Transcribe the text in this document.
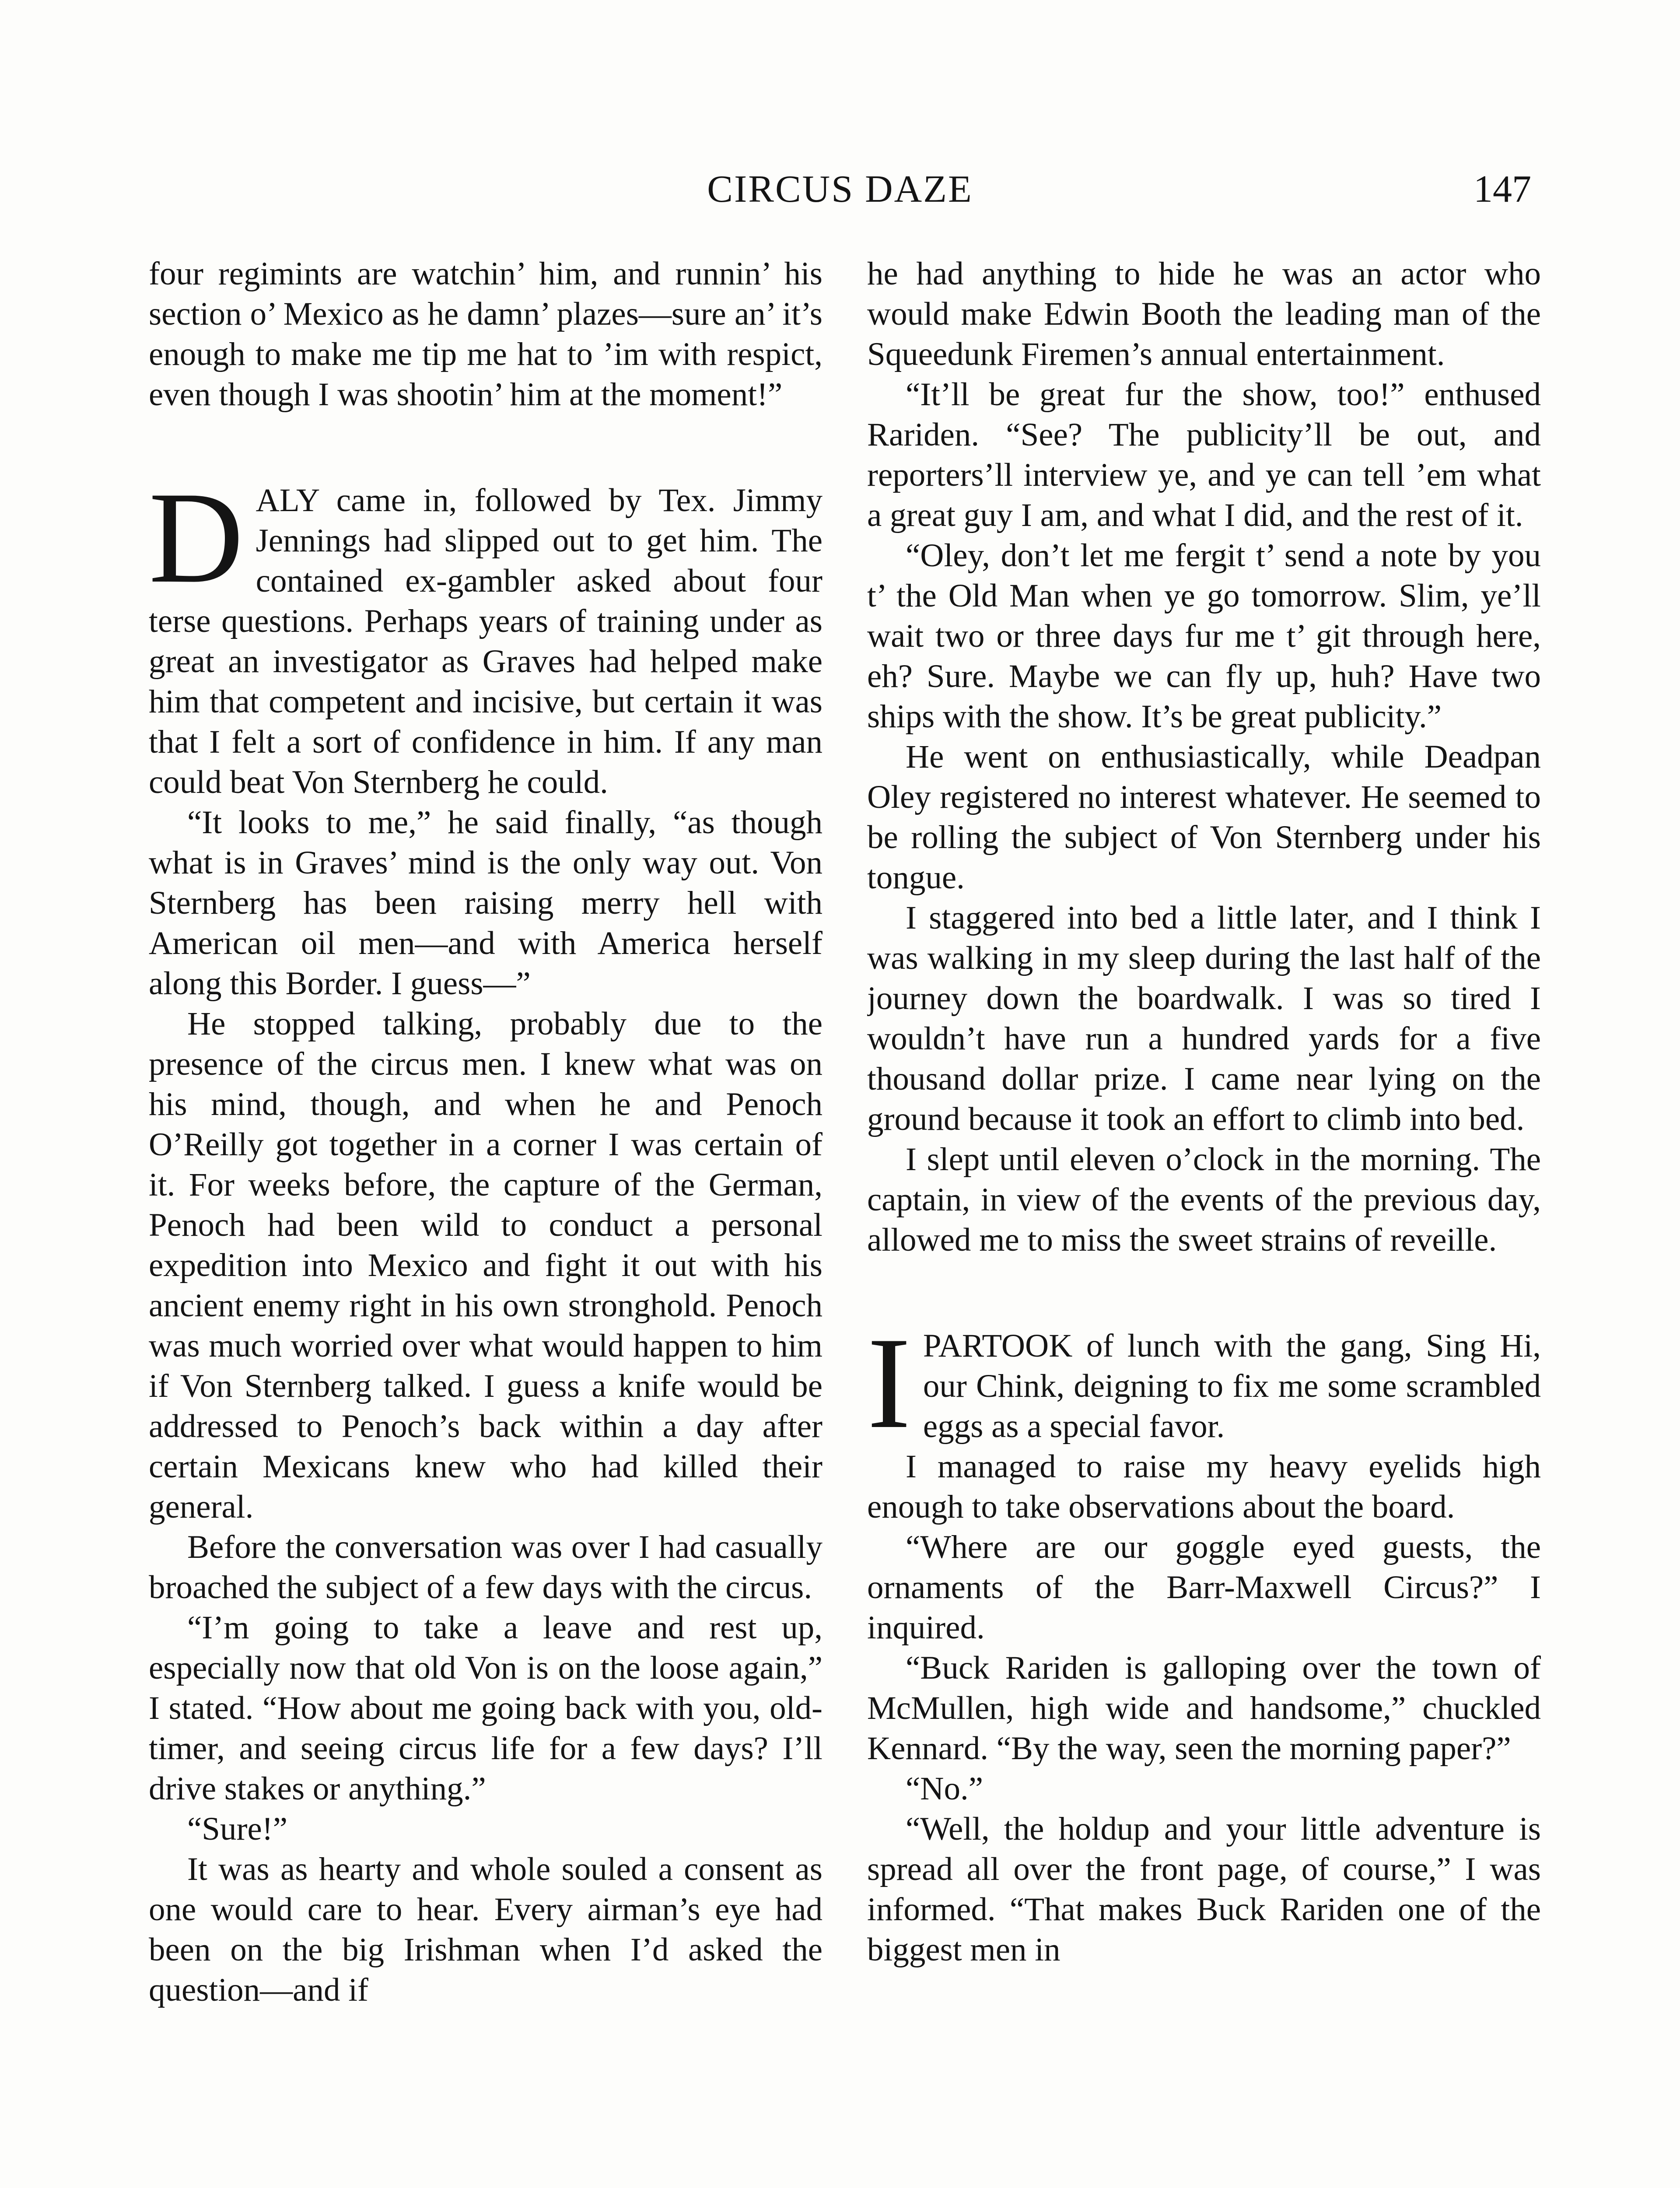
CIRCUS DAZE	147

four regimints are watchin’ him, and runnin’ his section o’ Mexico as he damn’ plazes—sure an’ it’s enough to make me tip me hat to ’im with respict, even though I was shootin’ him at the moment!”

DALY came in, followed by Tex. Jimmy Jennings had slipped out to get him. The contained ex-gambler asked about four terse questions. Perhaps years of training under as great an investigator as Graves had helped make him that competent and incisive, but certain it was that I felt a sort of confidence in him. If any man could beat Von Sternberg he could.

“It looks to me,” he said finally, “as though what is in Graves’ mind is the only way out. Von Sternberg has been raising merry hell with American oil men—and with America herself along this Border. I guess—”

He stopped talking, probably due to the presence of the circus men. I knew what was on his mind, though, and when he and Penoch O’Reilly got together in a corner I was certain of it. For weeks before, the capture of the German, Penoch had been wild to conduct a personal expedition into Mexico and fight it out with his ancient enemy right in his own stronghold. Penoch was much worried over what would happen to him if Von Sternberg talked. I guess a knife would be addressed to Penoch’s back within a day after certain Mexicans knew who had killed their general.

Before the conversation was over I had casually broached the subject of a few days with the circus.

“I’m going to take a leave and rest up, especially now that old Von is on the loose again,” I stated. “How about me going back with you, old-timer, and seeing circus life for a few days? I’ll drive stakes or anything.”

“Sure!”

It was as hearty and whole souled a consent as one would care to hear. Every airman’s eye had been on the big Irishman when I’d asked the question—and if

he had anything to hide he was an actor who would make Edwin Booth the leading man of the Squeedunk Firemen’s annual entertainment.

“It’ll be great fur the show, too!” enthused Rariden. “See? The publicity’ll be out, and reporters’ll interview ye, and ye can tell ’em what a great guy I am, and what I did, and the rest of it.

“Oley, don’t let me fergit t’ send a note by you t’ the Old Man when ye go tomorrow. Slim, ye’ll wait two or three days fur me t’ git through here, eh? Sure. Maybe we can fly up, huh? Have two ships with the show. It’s be great publicity.”

He went on enthusiastically, while Deadpan Oley registered no interest whatever. He seemed to be rolling the subject of Von Sternberg under his tongue.

I staggered into bed a little later, and I think I was walking in my sleep during the last half of the journey down the boardwalk. I was so tired I wouldn’t have run a hundred yards for a five thousand dollar prize. I came near lying on the ground because it took an effort to climb into bed.

I slept until eleven o’clock in the morning. The captain, in view of the events of the previous day, allowed me to miss the sweet strains of reveille.

IPARTOOK of lunch with the gang, Sing Hi, our Chink, deigning to fix me some scrambled eggs as a special favor.

I managed to raise my heavy eyelids high enough to take observations about the board.

“Where are our goggle eyed guests, the ornaments of the Barr-Maxwell Circus?” I inquired.

“Buck Rariden is galloping over the town of McMullen, high wide and handsome,” chuckled Kennard. “By the way, seen the morning paper?”

“No.”

“Well, the holdup and your little adventure is spread all over the front page, of course,” I was informed. “That makes Buck Rariden one of the biggest men in
